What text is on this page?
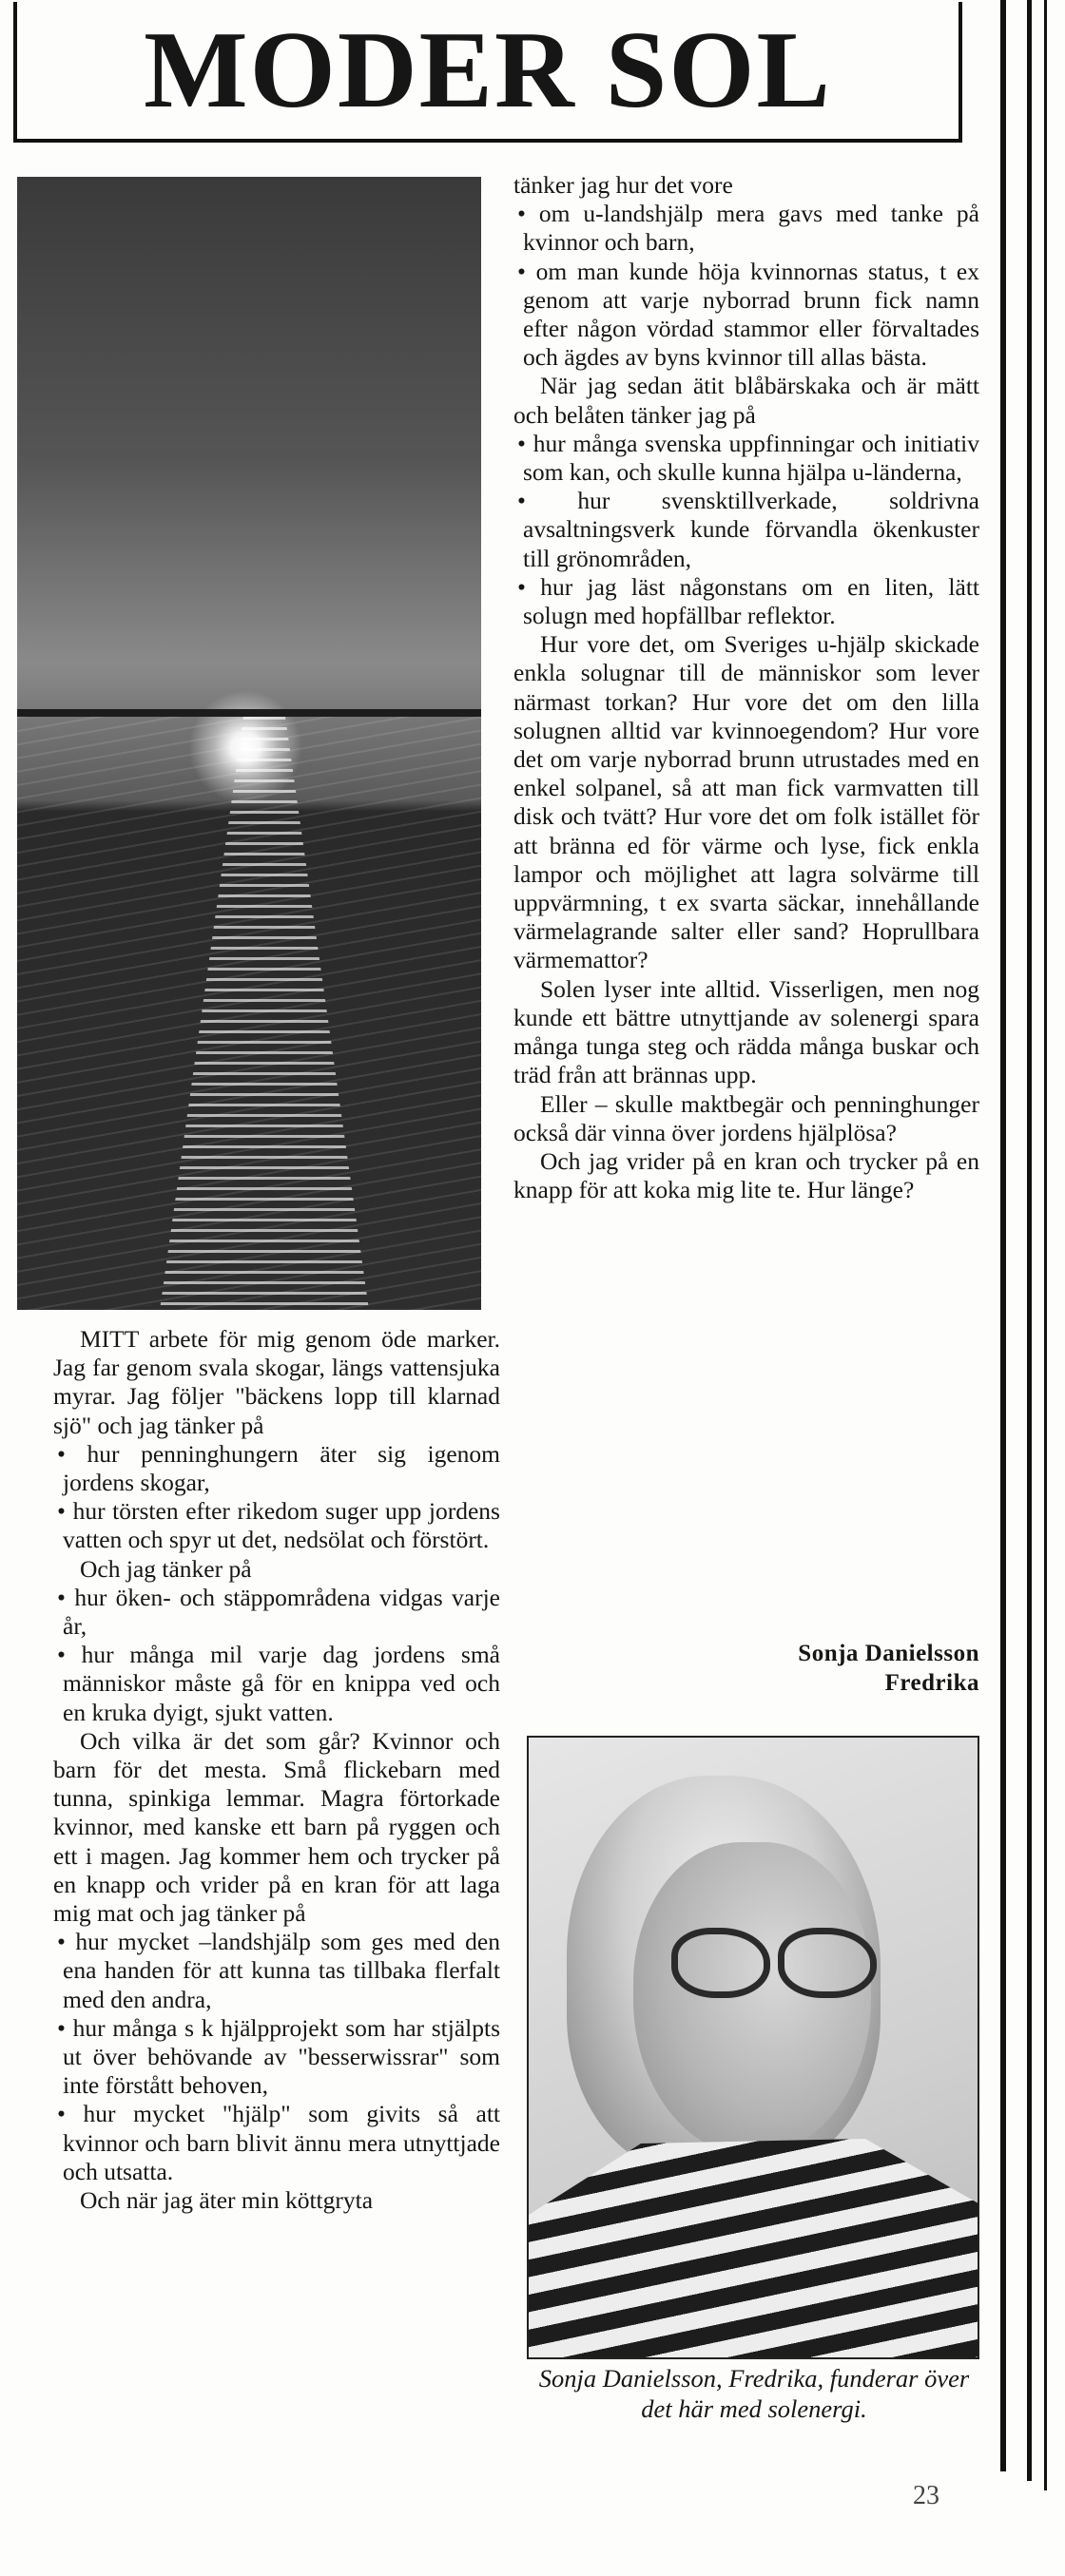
MODER SOL

MITT arbete för mig genom öde marker. Jag far genom svala skogar, längs vattensjuka myrar. Jag följer "bäckens lopp till klarnad sjö" och jag tänker på

• hur penninghungern äter sig igenom jordens skogar,

• hur törsten efter rikedom suger upp jordens vatten och spyr ut det, nedsölat och förstört.

Och jag tänker på

• hur öken- och stäppområdena vidgas varje år,

• hur många mil varje dag jordens små människor måste gå för en knippa ved och en kruka dyigt, sjukt vatten.

Och vilka är det som går? Kvinnor och barn för det mesta. Små flickebarn med tunna, spinkiga lemmar. Magra förtorkade kvinnor, med kanske ett barn på ryggen och ett i magen. Jag kommer hem och trycker på en knapp och vrider på en kran för att laga mig mat och jag tänker på

• hur mycket –landshjälp som ges med den ena handen för att kunna tas tillbaka flerfalt med den andra,

• hur många s k hjälpprojekt som har stjälpts ut över behövande av "besserwissrar" som inte förstått behoven,

• hur mycket "hjälp" som givits så att kvinnor och barn blivit ännu mera utnyttjade och utsatta.

Och när jag äter min köttgryta

tänker jag hur det vore

• om u-landshjälp mera gavs med tanke på kvinnor och barn,

• om man kunde höja kvinnornas status, t ex genom att varje nyborrad brunn fick namn efter någon vördad stammor eller förvaltades och ägdes av byns kvinnor till allas bästa.

När jag sedan ätit blåbärskaka och är mätt och belåten tänker jag på

• hur många svenska uppfinningar och initiativ som kan, och skulle kunna hjälpa u-länderna,

• hur svensktillverkade, soldrivna avsaltningsverk kunde förvandla ökenkuster till grönområden,

• hur jag läst någonstans om en liten, lätt solugn med hopfällbar reflektor.

Hur vore det, om Sveriges u-hjälp skickade enkla solugnar till de människor som lever närmast torkan? Hur vore det om den lilla solugnen alltid var kvinnoegendom? Hur vore det om varje nyborrad brunn utrustades med en enkel solpanel, så att man fick varmvatten till disk och tvätt? Hur vore det om folk istället för att bränna ed för värme och lyse, fick enkla lampor och möjlighet att lagra solvärme till uppvärmning, t ex svarta säckar, innehållande värmelagrande salter eller sand? Hoprullbara värmemattor?

Solen lyser inte alltid. Visserligen, men nog kunde ett bättre utnyttjande av solenergi spara många tunga steg och rädda många buskar och träd från att brännas upp.

Eller – skulle maktbegär och penninghunger också där vinna över jordens hjälplösa?

Och jag vrider på en kran och trycker på en knapp för att koka mig lite te. Hur länge?

Sonja Danielsson
Fredrika
Sonja Danielsson, Fredrika, funderar över det här med solenergi.
23
